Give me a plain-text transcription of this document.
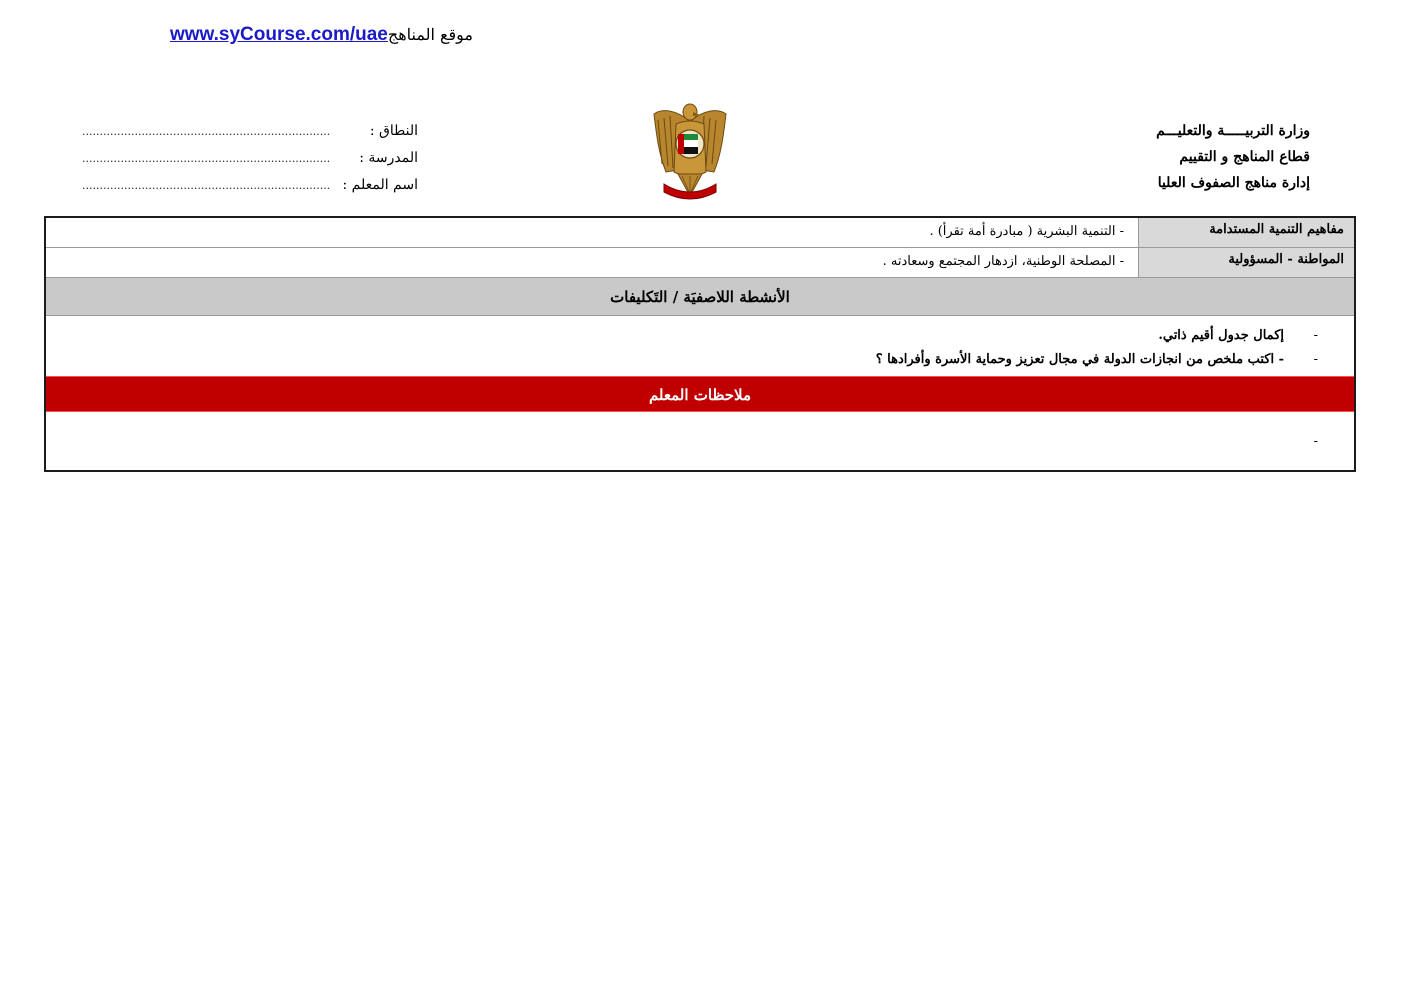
www.syCourse.com/uaeموقع المناهج
وزارة التربيـــــة والتعليـــم
قطاع المناهج و التقييم
إدارة مناهج الصفوف العليا
النطاق :
.......................................................................
المدرسة :
.......................................................................
اسم المعلم :
.......................................................................
مفاهيم التنمية المستدامة
- التنمية البشرية ( مبادرة أمة تقرأ) .
المواطنة - المسؤولية
- المصلحة الوطنية، ازدهار المجتمع وسعادته .
الأنشطة اللاصفيَة / التَكليفات
-
إكمال جدول أقيم ذاتي.
-
- اكتب ملخص من انجازات الدولة في مجال تعزيز وحماية الأسرة وأفرادها ؟
ملاحظات المعلم
-
